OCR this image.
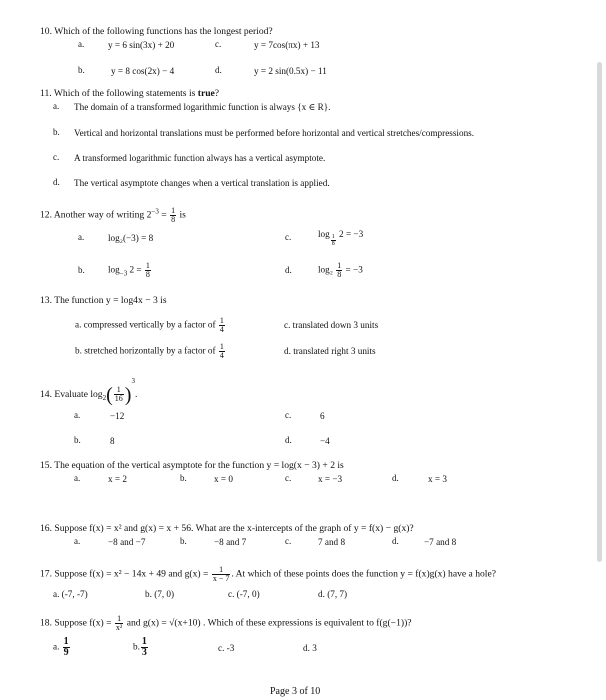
10. Which of the following functions has the longest period?
a.	y = 6 sin(3x) + 20	c.	y = 7cos(πx) + 13
b.	y = 8 cos(2x) − 4	d.	y = 2 sin(0.5x) − 11
11. Which of the following statements is true?
a. The domain of a transformed logarithmic function is always {x ∈ R}.
b. Vertical and horizontal translations must be performed before horizontal and vertical stretches/compressions.
c. A transformed logarithmic function always has a vertical asymptote.
d. The vertical asymptote changes when a vertical translation is applied.
12. Another way of writing $2^{-3} = \frac{1}{8}$ is
a.	log₂(−3) = 8	c.	$\log \frac{1}{8} 2 = -3$
b.	$\log_{-3} 2 = \frac{1}{8}$	d.	$\log_2 \frac{1}{8} = -3$
13. The function y = log4x − 3 is
a. compressed vertically by a factor of $\frac{1}{4}$	c. translated down 3 units
b. stretched horizontally by a factor of $\frac{1}{4}$	d. translated right 3 units
14. Evaluate $\log_2( \frac{1}{16} )^3$.
a.	−12	c.	6
b.	8	d.	−4
15. The equation of the vertical asymptote for the function y = log(x − 3) + 2 is
a.	x = 2	b.	x = 0	c.	x = −3	d.	x = 3
16. Suppose f(x) = x² and g(x) = x + 56. What are the x-intercepts of the graph of y = f(x) − g(x)?
a.	−8 and −7	b.	−8 and 7	c.	7 and 8	d.	−7 and 8
17. Suppose f(x) = x² − 14x + 49 and $g(x) = \frac{1}{x - 7}$ . At which of these points does the function y = f(x)g(x) have a hole?
a. (-7, -7)	b. (7, 0)	c. (-7, 0)	d. (7, 7)
18. Suppose $f(x) = \frac{1}{\text{x²}}$ and g(x) = √(x+10) . Which of these expressions is equivalent to f(g(−1))?
a. $\frac{1}{9}$	b. $\frac{1}{3}$	c. -3	d. 3
Page 3 of 10
